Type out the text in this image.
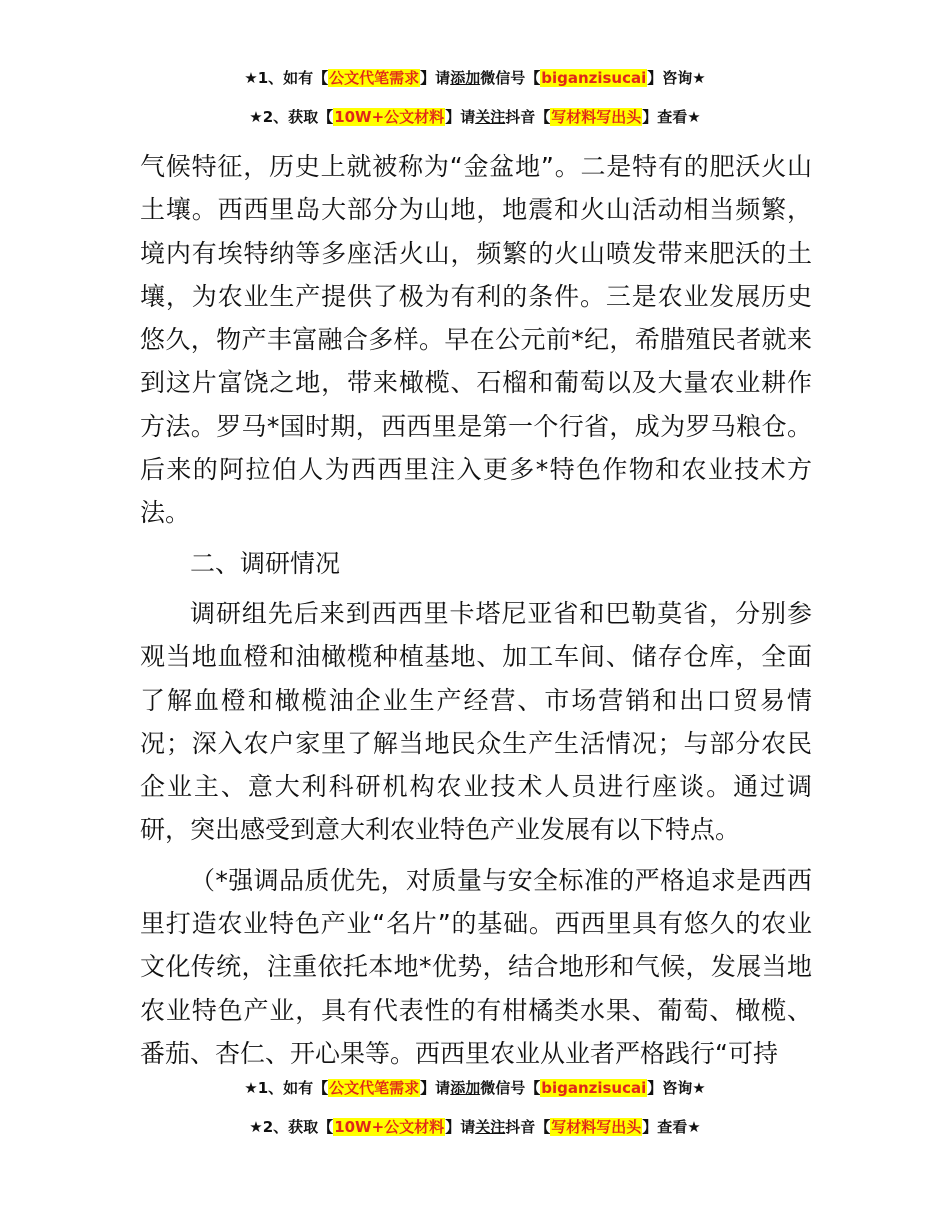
★1、如有【公文代笔需求】请添加微信号【biganzisucai】咨询★
★2、获取【10W+公文材料】请关注抖音【写材料写出头】查看★

气候特征，历史上就被称为“金盆地”。二是特有的肥沃火山土壤。西西里岛大部分为山地，地震和火山活动相当频繁，境内有埃特纳等多座活火山，频繁的火山喷发带来肥沃的土壤，为农业生产提供了极为有利的条件。三是农业发展历史悠久，物产丰富融合多样。早在公元前*纪，希腊殖民者就来到这片富饶之地，带来橄榄、石榴和葡萄以及大量农业耕作方法。罗马*国时期，西西里是第一个行省，成为罗马粮仓。后来的阿拉伯人为西西里注入更多*特色作物和农业技术方法。

二、调研情况

调研组先后来到西西里卡塔尼亚省和巴勒莫省，分别参观当地血橙和油橄榄种植基地、加工车间、储存仓库，全面了解血橙和橄榄油企业生产经营、市场营销和出口贸易情况；深入农户家里了解当地民众生产生活情况；与部分农民企业主、意大利科研机构农业技术人员进行座谈。通过调研，突出感受到意大利农业特色产业发展有以下特点。

（*强调品质优先，对质量与安全标准的严格追求是西西里打造农业特色产业“名片”的基础。西西里具有悠久的农业文化传统，注重依托本地*优势，结合地形和气候，发展当地农业特色产业，具有代表性的有柑橘类水果、葡萄、橄榄、番茄、杏仁、开心果等。西西里农业从业者严格践行“可持

★1、如有【公文代笔需求】请添加微信号【biganzisucai】咨询★
★2、获取【10W+公文材料】请关注抖音【写材料写出头】查看★
